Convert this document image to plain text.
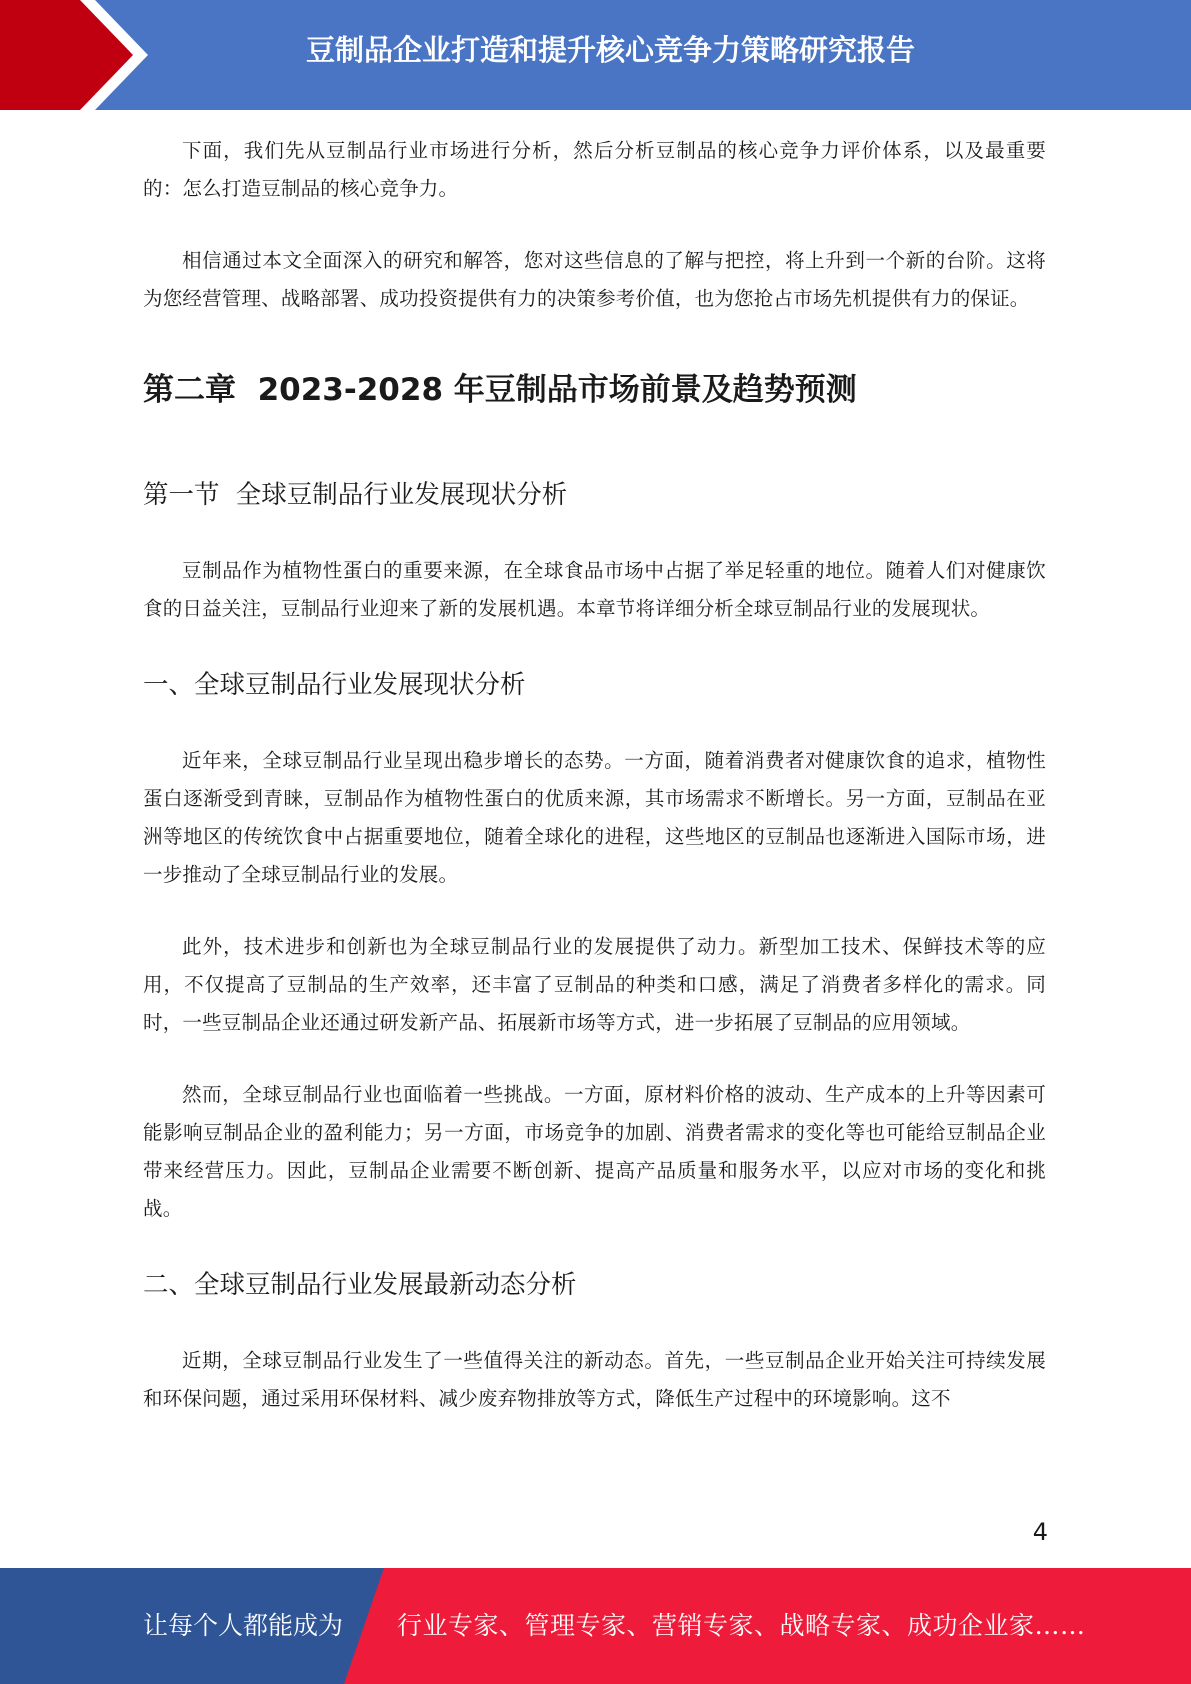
豆制品企业打造和提升核心竞争力策略研究报告

下面，我们先从豆制品行业市场进行分析，然后分析豆制品的核心竞争力评价体系，以及最重要的：怎么打造豆制品的核心竞争力。

相信通过本文全面深入的研究和解答，您对这些信息的了解与把控，将上升到一个新的台阶。这将为您经营管理、战略部署、成功投资提供有力的决策参考价值，也为您抢占市场先机提供有力的保证。

第二章  2023-2028 年豆制品市场前景及趋势预测
第一节  全球豆制品行业发展现状分析

豆制品作为植物性蛋白的重要来源，在全球食品市场中占据了举足轻重的地位。随着人们对健康饮食的日益关注，豆制品行业迎来了新的发展机遇。本章节将详细分析全球豆制品行业的发展现状。

一、全球豆制品行业发展现状分析

近年来，全球豆制品行业呈现出稳步增长的态势。一方面，随着消费者对健康饮食的追求，植物性蛋白逐渐受到青睐，豆制品作为植物性蛋白的优质来源，其市场需求不断增长。另一方面，豆制品在亚洲等地区的传统饮食中占据重要地位，随着全球化的进程，这些地区的豆制品也逐渐进入国际市场，进一步推动了全球豆制品行业的发展。

此外，技术进步和创新也为全球豆制品行业的发展提供了动力。新型加工技术、保鲜技术等的应用，不仅提高了豆制品的生产效率，还丰富了豆制品的种类和口感，满足了消费者多样化的需求。同时，一些豆制品企业还通过研发新产品、拓展新市场等方式，进一步拓展了豆制品的应用领域。

然而，全球豆制品行业也面临着一些挑战。一方面，原材料价格的波动、生产成本的上升等因素可能影响豆制品企业的盈利能力；另一方面，市场竞争的加剧、消费者需求的变化等也可能给豆制品企业带来经营压力。因此，豆制品企业需要不断创新、提高产品质量和服务水平，以应对市场的变化和挑战。

二、全球豆制品行业发展最新动态分析

近期，全球豆制品行业发生了一些值得关注的新动态。首先，一些豆制品企业开始关注可持续发展和环保问题，通过采用环保材料、减少废弃物排放等方式，降低生产过程中的环境影响。这不

4
让每个人都能成为 行业专家、管理专家、营销专家、战略专家、成功企业家……
